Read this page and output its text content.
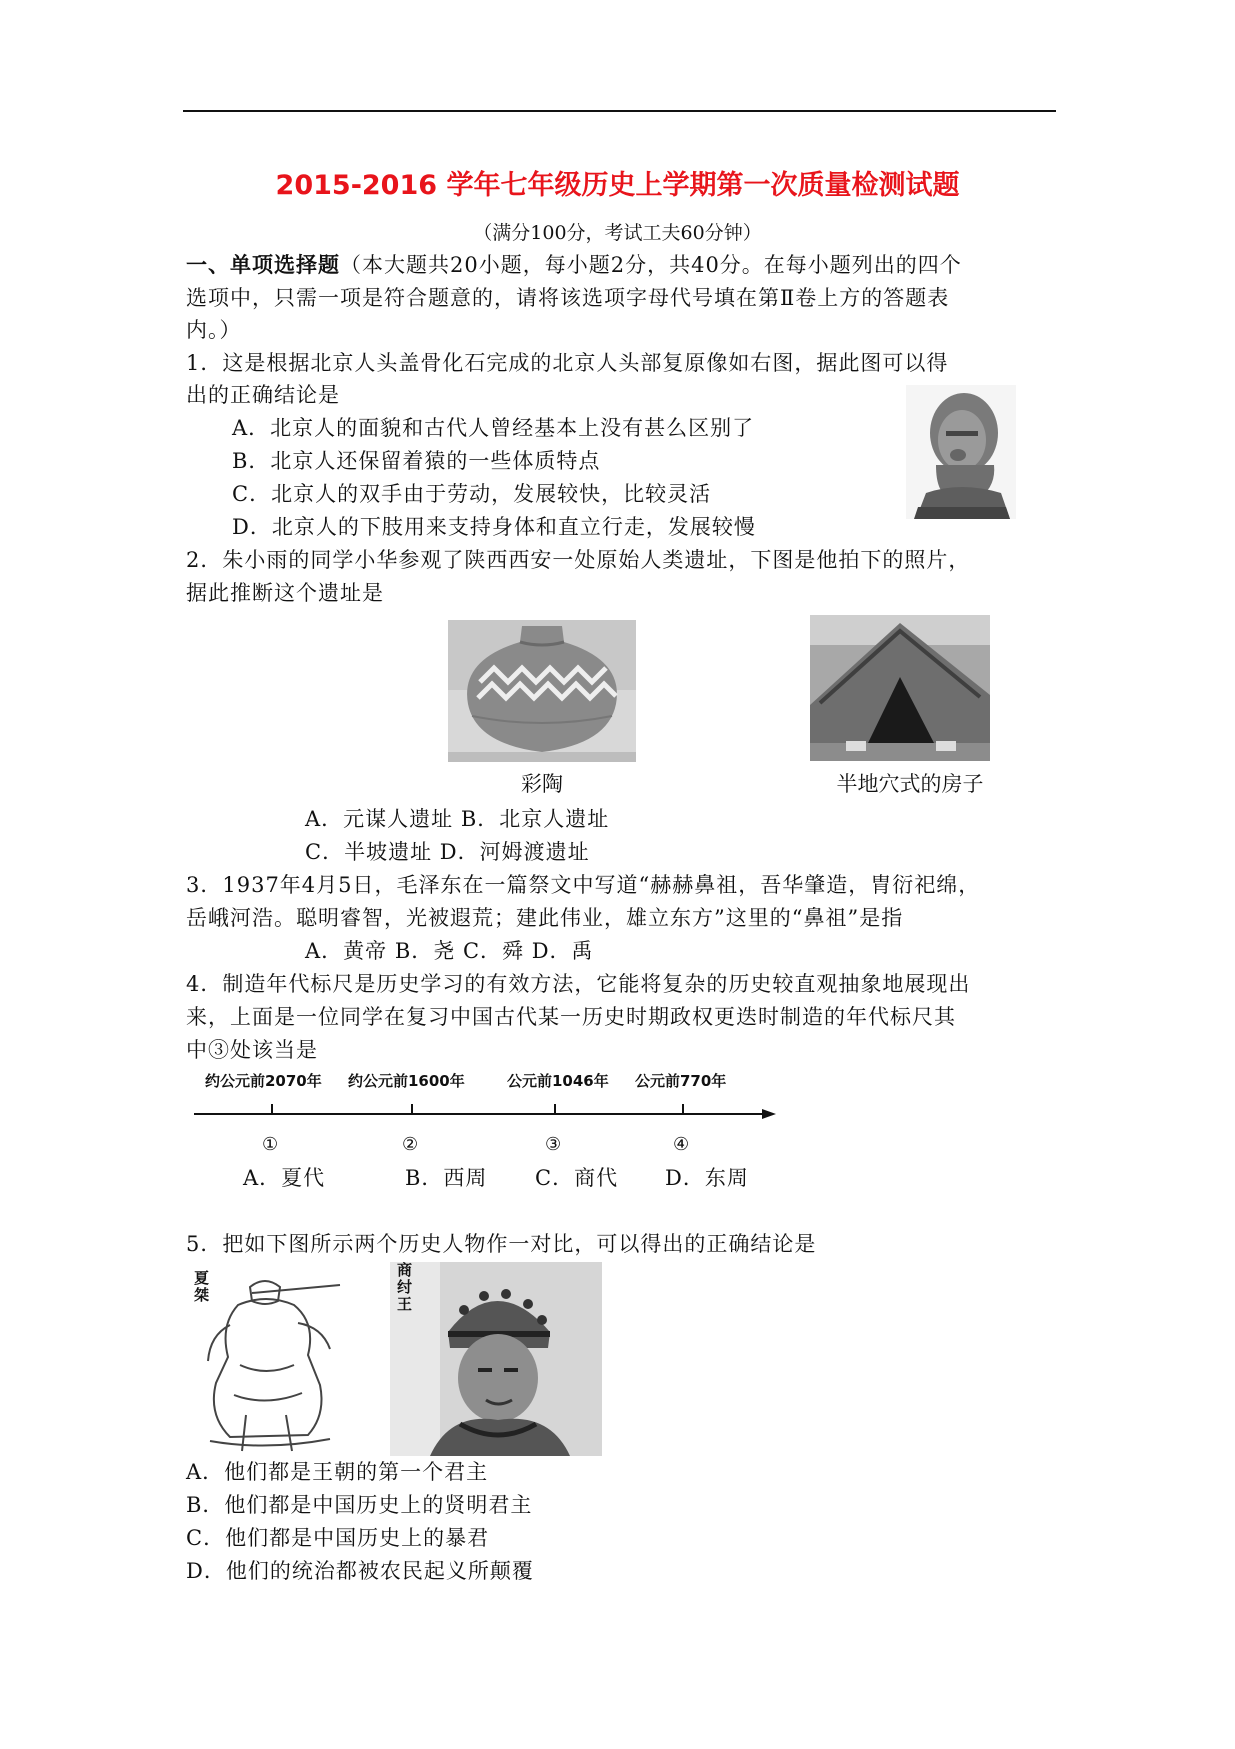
2015-2016 学年七年级历史上学期第一次质量检测试题
（满分100分，考试工夫60分钟）
一、单项选择题（本大题共20小题，每小题2分，共40分。在每小题列出的四个
选项中，只需一项是符合题意的，请将该选项字母代号填在第Ⅱ卷上方的答题表
内。）
1．这是根据北京人头盖骨化石完成的北京人头部复原像如右图，据此图可以得
出的正确结论是
A．北京人的面貌和古代人曾经基本上没有甚么区别了
B．北京人还保留着猿的一些体质特点
C．北京人的双手由于劳动，发展较快，比较灵活
D．北京人的下肢用来支持身体和直立行走，发展较慢
2．朱小雨的同学小华参观了陕西西安一处原始人类遗址，下图是他拍下的照片，
据此推断这个遗址是
彩陶	半地穴式的房子
A．元谋人遗址 B．北京人遗址
C．半坡遗址 D．河姆渡遗址
3．1937年4月5日，毛泽东在一篇祭文中写道“赫赫鼻祖，吾华肇造，胄衍祀绵，
岳峨河浩。聪明睿智，光被遐荒；建此伟业，雄立东方”这里的“鼻祖”是指
A．黄帝 B．尧 C．舜 D．禹
4．制造年代标尺是历史学习的有效方法，它能将复杂的历史较直观抽象地展现出
来，上面是一位同学在复习中国古代某一历史时期政权更迭时制造的年代标尺其
中③处该当是
约公元前2070年 约公元前1600年	公元前1046年 公元前770年
①	②	③	④
A．夏代	B．西周 C．商代 D．东周
5．把如下图所示两个历史人物作一对比，可以得出的正确结论是
夏
桀
商
纣
王
A．他们都是王朝的第一个君主
B．他们都是中国历史上的贤明君主
C．他们都是中国历史上的暴君
D．他们的统治都被农民起义所颠覆
